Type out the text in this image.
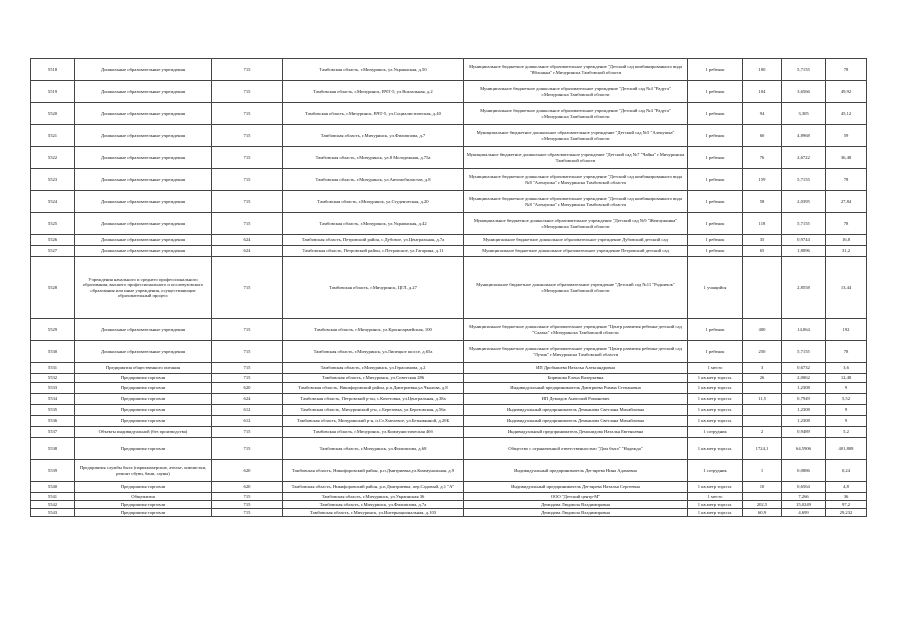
5518	Дошкольные образовательные учреждения	715	Тамбовская область, г.Мичуринск, ул.Украинская, д.50	Муниципальное бюджетное дошкольное образовательное учреждение "Детский сад комбинированного вида "Яблонька" г.Мичуринска Тамбовской области	1 ребенок	100	5,7155	78
5519	Дошкольные образовательные учреждения	715	Тамбовская область, г.Мичуринск, ВЧТ-5, ул.Вокзальная, д.2	Муниципальное бюджетное дошкольное образовательное учреждение "Детский сад №4 "Радуга" г.Мичуринска Тамбовской области	1 ребенок	104	3,6566	49,92
5520	Дошкольные образовательные учреждения	715	Тамбовская область, г.Мичуринск, ВЧТ-5, ул.Социалистическая, д.40	Муниципальное бюджетное дошкольное образовательное учреждение "Детский сад №4 "Радуга" г.Мичуринска Тамбовской области	1 ребенок	94	3,305	45,12
5521	Дошкольные образовательные учреждения	715	Тамбовская область, г.Мичуринск, ул.Филиппова, д.7	Муниципальное бюджетное дошкольное образовательное учреждение "Детский сад №5 "Аленушка" г.Мичуринска Тамбовской области	1 ребенок	60	4,8968	59
5522	Дошкольные образовательные учреждения	715	Тамбовская область, г.Мичуринск, ул.8 Молодежная, д.75а	Муниципальное бюджетное дошкольное образовательное учреждение "Детский сад №7 "Чайка" г.Мичуринска Тамбовской области	1 ребенок	76	2,6722	36,48
5523	Дошкольные образовательные учреждения	715	Тамбовская область, г.Мичуринск, ул.Автомобилистов, д.8	Муниципальное бюджетное дошкольное образовательное учреждение "Детский сад комбинированного вида №8 "Аленушка" г.Мичуринска Тамбовской области	1 ребенок	159	5,7155	78
5524	Дошкольные образовательные учреждения	715	Тамбовская область, г.Мичуринск, ул.Студенческая, д.20	Муниципальное бюджетное дошкольное образовательное учреждение "Детский сад комбинированного вида №8 "Аленушка" г.Мичуринска Тамбовской области	1 ребенок	58	2,0395	27,84
5525	Дошкольные образовательные учреждения	715	Тамбовская область, г.Мичуринск, ул.Украинская, д.42	Муниципальное бюджетное дошкольное образовательное учреждение "Детский сад №9 "Жемчужинка" г.Мичуринска Тамбовской области	1 ребенок	118	5,7155	78
5526	Дошкольные образовательные учреждения	624	Тамбовская область, Петровский район, с.Дубовое, ул.Центральная, д.7а	Муниципальное бюджетное дошкольное образовательное учреждение Дубовский детский сад	1 ребенок	35	0,9744	16,8
5527	Дошкольные образовательные учреждения	624	Тамбовская область, Петровский район, с.Петровское, ул.Гагарина, д.11	Муниципальное бюджетное дошкольное образовательное учреждение Петровский детский сад	1 ребенок	65	1,8096	31,2
5528	Учреждения начального и среднего профессионального образования, высшего профессионального и послевузовского образования или иные учреждения, осуществляющие образовательный процесс	715	Тамбовская область, г.Мичуринск, ЦГЛ, д.27	Муниципальное бюджетное дошкольное образовательное учреждение "Детский сад №11 "Родничок" г.Мичуринска Тамбовской области	1 учащийся		2,8558	13,44
5529	Дошкольные образовательные учреждения	715	Тамбовская область, г.Мичуринск, ул.Красноармейская, 100	Муниципальное бюджетное дошкольное образовательное учреждение "Центр развития ребенка-детский сад "Сказка" г.Мичуринска Тамбовской области	1 ребенок	400	14,064	192
5530	Дошкольные образовательные учреждения	715	Тамбовская область, г.Мичуринск, ул.Липецкое шоссе, д.65а	Муниципальное бюджетное дошкольное образовательное учреждение "Центр развития ребенка-детский сад "Лучик" г.Мичуринска Тамбовской области	1 ребенок	250	5,7155	78
5531	Предприятия общественного питания	715	Тамбовская область, г.Мичуринск, ул.Герасимова, д.2	ИП Дробышева Наталья Александровна	1 место	3	0,6732	3,6
5532	Предприятия торговли	715	Тамбовская область, г.Мичуринск, ул.Советская 286	Бирюкова Елена Валерьевна	1 кв.метр торг.пл.	26	2,0062	12,48
5533	Предприятия торговли	620	Тамбовская область, Никифоровский район, р.п.Дмитриевка,ул.Чкалова, д.8	Индивидуальный предприниматель Дмитриева Римма Степановна	1 кв.метр торг.пл.		1,2308	9
5534	Предприятия торговли	624	Тамбовская область, Петровский р-он, с.Кочетовка, ул.Центральная, д.38а	ИП Демидов Анатолий Романович	1 кв.метр торг.пл.	11,5	0,7949	5,52
5535	Предприятия торговли	612	Тамбовская область, Мичуринский р-н, с.Березовка, ул.Березовская, д.56а	Индивидуальный предприниматель Демьянова Светлана Михайловна	1 кв.метр торг.пл.		1,2308	9
5536	Предприятия торговли	612	Тамбовская область, Мичуринский р-н, п.Ст.Хмелевое, ул.Безымянной, д.20Б	Индивидуальный предприниматель Демьянова Светлана Михайловна	1 кв.метр торг.пл.		1,2308	9
5537	Объекты индивидуальной (без производства)	715	Тамбовская область, г.Мичуринск, ул.Коммунистическая 46б	Индивидуальный предприниматель Демонидова Наталья Евгеньевна	1 сотрудник	2	0,9489	5,2
5538	Предприятия торговли	715	Тамбовская область, г.Мичуринск, ул.Филиппова, д.68	Общество с ограниченной ответственностью "Дом быта" "Надежда"	1 кв.метр торг.пл.	1724,1	64,5906	401,808
5539	Предприятия службы быта (парикмахерские, ателье, химчистки, ремонт обуви, бани, сауны)	620	Тамбовская область, Никифоровский район, р.п.Дмитриевка,ул.Коммунальная, д.9	Индивидуальный предприниматель Дегтярева Нина Адамовна	1 сотрудник	1	0,0886	0,24
5540	Предприятия торговли	620	Тамбовская область, Никифоровский район, р.п.Дмитриевка, пер.Садовый, д.1 "А"	Индивидуальный предприниматель Дегтярева Наталья Сергеевна	1 кв.метр торг.пл.	10	0,6564	4,8
5541	Общежития	715	Тамбовская область, г.Мичуринск, ул.Украинская 36	ООО "Детский центр-М"	1 место		7,266	36
5542	Предприятия торговли	715	Тамбовская область, г.Мичуринск, ул.Филиппова, д.7а	Демидова Людмила Владимировна	1 кв.метр торг.пл.	202,5	15,0249	97,2
5543	Предприятия торговли	715	Тамбовская область, г.Мичуринск, ул.Интернациональная, д.103	Демидова Людмила Владимировна	1 кв.метр торг.пл.	60,9	4,699	29,232
